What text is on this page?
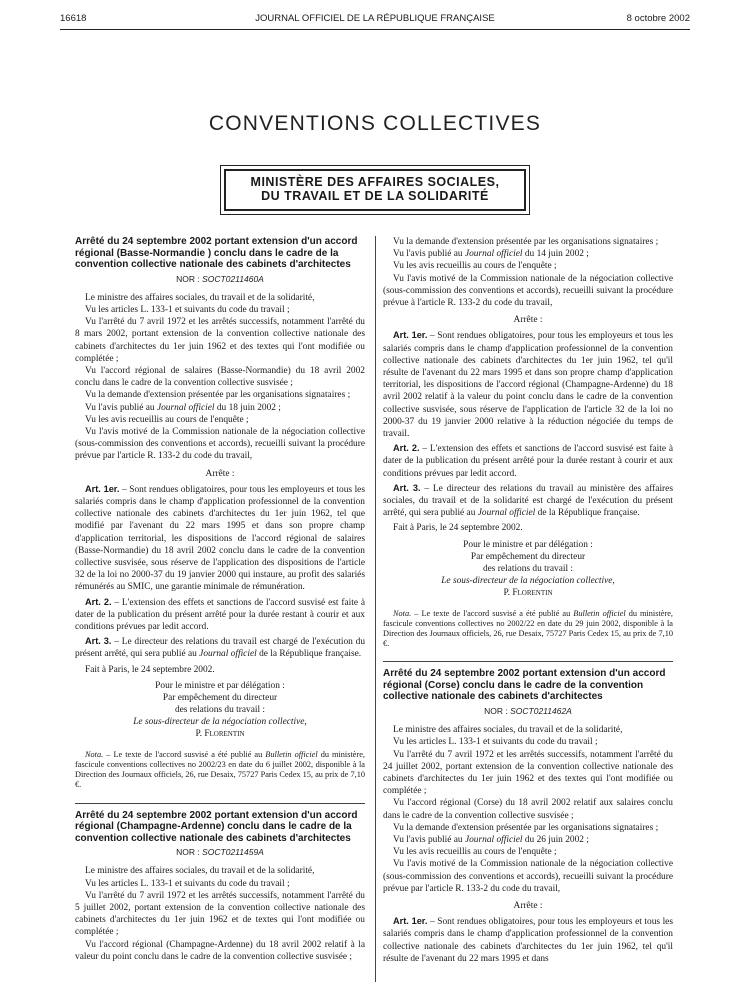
16618	JOURNAL OFFICIEL DE LA RÉPUBLIQUE FRANÇAISE	8 octobre 2002
CONVENTIONS COLLECTIVES
MINISTÈRE DES AFFAIRES SOCIALES,
DU TRAVAIL ET DE LA SOLIDARITÉ
Arrêté du 24 septembre 2002 portant extension d'un accord régional (Basse-Normandie ) conclu dans le cadre de la convention collective nationale des cabinets d'architectes
NOR : SOCT0211460A

Le ministre des affaires sociales, du travail et de la solidarité,

Vu les articles L. 133-1 et suivants du code du travail ;

Vu l'arrêté du 7 avril 1972 et les arrêtés successifs, notamment l'arrêté du 8 mars 2002, portant extension de la convention collective nationale des cabinets d'architectes du 1er juin 1962 et des textes qui l'ont modifiée ou complétée ;

Vu l'accord régional de salaires (Basse-Normandie) du 18 avril 2002 conclu dans le cadre de la convention collective susvisée ;

Vu la demande d'extension présentée par les organisations signataires ;

Vu l'avis publié au Journal officiel du 18 juin 2002 ;

Vu les avis recueillis au cours de l'enquête ;

Vu l'avis motivé de la Commission nationale de la négociation collective (sous-commission des conventions et accords), recueilli suivant la procédure prévue par l'article R. 133-2 du code du travail,

Arrête :

Art. 1er. – Sont rendues obligatoires, pour tous les employeurs et tous les salariés compris dans le champ d'application professionnel de la convention collective nationale des cabinets d'architectes du 1er juin 1962, tel que modifié par l'avenant du 22 mars 1995 et dans son propre champ d'application territorial, les dispositions de l'accord régional de salaires (Basse-Normandie) du 18 avril 2002 conclu dans le cadre de la convention collective susvisée, sous réserve de l'application des dispositions de l'article 32 de la loi no 2000-37 du 19 janvier 2000 qui instaure, au profit des salariés rémunérés au SMIC, une garantie minimale de rémunération.

Art. 2. – L'extension des effets et sanctions de l'accord susvisé est faite à dater de la publication du présent arrêté pour la durée restant à courir et aux conditions prévues par ledit accord.

Art. 3. – Le directeur des relations du travail est chargé de l'exécution du présent arrêté, qui sera publié au Journal officiel de la République française.

Fait à Paris, le 24 septembre 2002.

Pour le ministre et par délégation :
Par empêchement du directeur
des relations du travail :
Le sous-directeur de la négociation collective,
P. Florentin

Nota. – Le texte de l'accord susvisé a été publié au Bulletin officiel du ministère, fascicule conventions collectives no 2002/23 en date du 6 juillet 2002, disponible à la Direction des Journaux officiels, 26, rue Desaix, 75727 Paris Cedex 15, au prix de 7,10 €.

Arrêté du 24 septembre 2002 portant extension d'un accord régional (Champagne-Ardenne) conclu dans le cadre de la convention collective nationale des cabinets d'architectes
NOR : SOCT0211459A

Le ministre des affaires sociales, du travail et de la solidarité,

Vu les articles L. 133-1 et suivants du code du travail ;

Vu l'arrêté du 7 avril 1972 et les arrêtés successifs, notamment l'arrêté du 5 juillet 2002, portant extension de la convention collective nationale des cabinets d'architectes du 1er juin 1962 et de textes qui l'ont modifiée ou complétée ;

Vu l'accord régional (Champagne-Ardenne) du 18 avril 2002 relatif à la valeur du point conclu dans le cadre de la convention collective susvisée ;

Vu la demande d'extension présentée par les organisations signataires ;

Vu l'avis publié au Journal officiel du 14 juin 2002 ;

Vu les avis recueillis au cours de l'enquête ;

Vu l'avis motivé de la Commission nationale de la négociation collective (sous-commission des conventions et accords), recueilli suivant la procédure prévue à l'article R. 133-2 du code du travail,

Arrête :

Art. 1er. – Sont rendues obligatoires, pour tous les employeurs et tous les salariés compris dans le champ d'application professionnel de la convention collective nationale des cabinets d'architectes du 1er juin 1962, tel qu'il résulte de l'avenant du 22 mars 1995 et dans son propre champ d'application territorial, les dispositions de l'accord régional (Champagne-Ardenne) du 18 avril 2002 relatif à la valeur du point conclu dans le cadre de la convention collective susvisée, sous réserve de l'application de l'article 32 de la loi no 2000-37 du 19 janvier 2000 relative à la réduction négociée du temps de travail.

Art. 2. – L'extension des effets et sanctions de l'accord susvisé est faite à dater de la publication du présent arrêté pour la durée restant à courir et aux conditions prévues par ledit accord.

Art. 3. – Le directeur des relations du travail au ministère des affaires sociales, du travail et de la solidarité est chargé de l'exécution du présent arrêté, qui sera publié au Journal officiel de la République française.

Fait à Paris, le 24 septembre 2002.

Pour le ministre et par délégation :
Par empêchement du directeur
des relations du travail :
Le sous-directeur de la négociation collective,
P. Florentin

Nota. – Le texte de l'accord susvisé a été publié au Bulletin officiel du ministère, fascicule conventions collectives no 2002/22 en date du 29 juin 2002, disponible à la Direction des Journaux officiels, 26, rue Desaix, 75727 Paris Cedex 15, au prix de 7,10 €.

Arrêté du 24 septembre 2002 portant extension d'un accord régional (Corse) conclu dans le cadre de la convention collective nationale des cabinets d'architectes
NOR : SOCT0211462A

Le ministre des affaires sociales, du travail et de la solidarité,

Vu les articles L. 133-1 et suivants du code du travail ;

Vu l'arrêté du 7 avril 1972 et les arrêtés successifs, notamment l'arrêté du 24 juillet 2002, portant extension de la convention collective nationale des cabinets d'architectes du 1er juin 1962 et des textes qui l'ont modifiée ou complétée ;

Vu l'accord régional (Corse) du 18 avril 2002 relatif aux salaires conclu dans le cadre de la convention collective susvisée ;

Vu la demande d'extension présentée par les organisations signataires ;

Vu l'avis publié au Journal officiel du 26 juin 2002 ;

Vu les avis recueillis au cours de l'enquête ;

Vu l'avis motivé de la Commission nationale de la négociation collective (sous-commission des conventions et accords), recueilli suivant la procédure prévue par l'article R. 133-2 du code du travail,

Arrête :

Art. 1er. – Sont rendues obligatoires, pour tous les employeurs et tous les salariés compris dans le champ d'application professionnel de la convention collective nationale des cabinets d'architectes du 1er juin 1962, tel qu'il résulte de l'avenant du 22 mars 1995 et dans
